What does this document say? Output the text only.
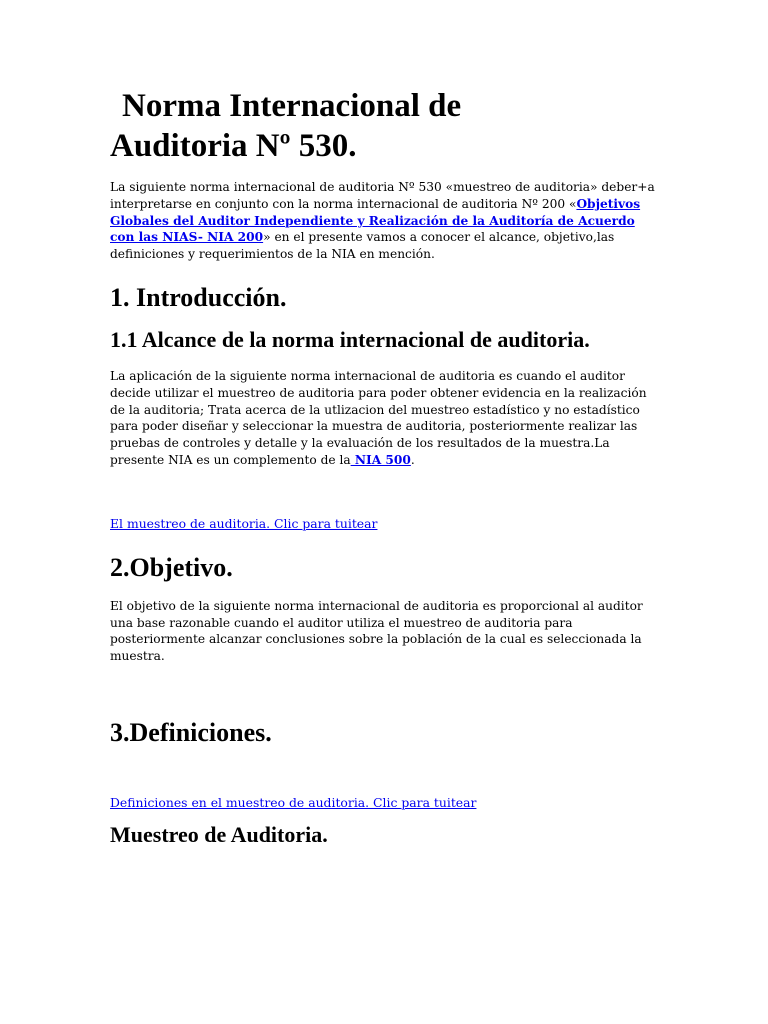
Norma Internacional de
Auditoria Nº 530.

La siguiente norma internacional de auditoria Nº 530 «muestreo de auditoria» deber+a interpretarse en conjunto con la norma internacional de auditoria Nº 200 «Objetivos Globales del Auditor Independiente y Realización de la Auditoría de Acuerdo con las NIAS- NIA 200» en el presente vamos a conocer el alcance, objetivo,las definiciones y requerimientos de la NIA en mención.

1. Introducción.
1.1 Alcance de la norma internacional de auditoria.

La aplicación de la siguiente norma internacional de auditoria es cuando el auditor decide utilizar el muestreo de auditoria para poder obtener evidencia en la realización de la auditoria; Trata acerca de la utlizacion del muestreo estadístico y no estadístico para poder diseñar y seleccionar la muestra de auditoria, posteriormente realizar las pruebas de controles y detalle y la evaluación de los resultados de la muestra.La presente NIA es un complemento de la NIA 500.

El muestreo de auditoria. Clic para tuitear
2.Objetivo.

El objetivo de la siguiente norma internacional de auditoria es proporcional al auditor una base razonable cuando el auditor utiliza el muestreo de auditoria para posteriormente alcanzar conclusiones sobre la población de la cual es seleccionada la muestra.

3.Definiciones.
Definiciones en el muestreo de auditoria. Clic para tuitear
Muestreo de Auditoria.
